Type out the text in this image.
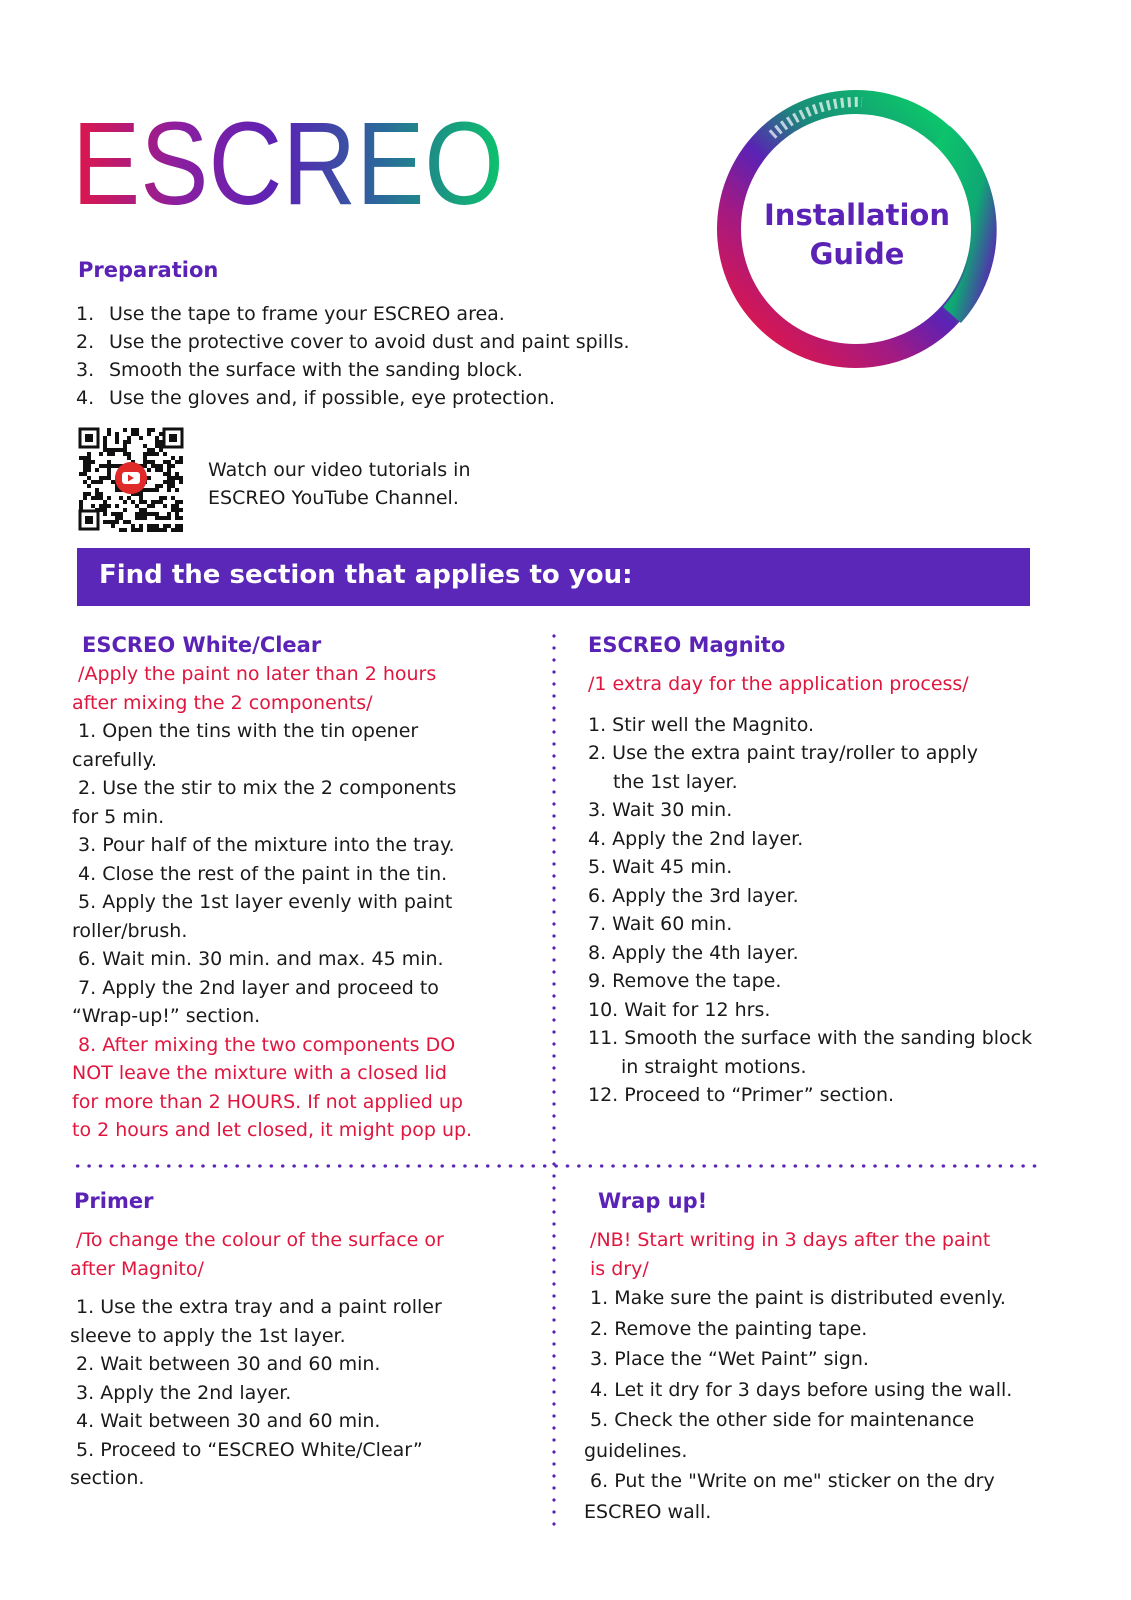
ESCREO	Installation
Guide
Preparation
1. Use the tape to frame your ESCREO area.
2. Use the protective cover to avoid dust and paint spills.
3. Smooth the surface with the sanding block.
4. Use the gloves and, if possible, eye protection.
Watch our video tutorials in
ESCREO YouTube Channel.
Find the section that applies to you:
ESCREO White/Clear
/Apply the paint no later than 2 hours
after mixing the 2 components/
1. Open the tins with the tin opener
carefully.
2. Use the stir to mix the 2 components
for 5 min.
3. Pour half of the mixture into the tray.
4. Close the rest of the paint in the tin.
5. Apply the 1st layer evenly with paint
roller/brush.
6. Wait min. 30 min. and max. 45 min.
7. Apply the 2nd layer and proceed to
“Wrap-up!” section.
8. After mixing the two components DO
NOT leave the mixture with a closed lid
for more than 2 HOURS. If not applied up
to 2 hours and let closed, it might pop up.
ESCREO Magnito
/1 extra day for the application process/
1. Stir well the Magnito.
2. Use the extra paint tray/roller to apply
the 1st layer.
3. Wait 30 min.
4. Apply the 2nd layer.
5. Wait 45 min.
6. Apply the 3rd layer.
7. Wait 60 min.
8. Apply the 4th layer.
9. Remove the tape.
10. Wait for 12 hrs.
11. Smooth the surface with the sanding block
in straight motions.
12. Proceed to “Primer” section.
Primer
/To change the colour of the surface or
after Magnito/
1. Use the extra tray and a paint roller
sleeve to apply the 1st layer.
2. Wait between 30 and 60 min.
3. Apply the 2nd layer.
4. Wait between 30 and 60 min.
5. Proceed to “ESCREO White/Clear”
section.
Wrap up!
/NB! Start writing in 3 days after the paint
is dry/
1. Make sure the paint is distributed evenly.
2. Remove the painting tape.
3. Place the “Wet Paint” sign.
4. Let it dry for 3 days before using the wall.
5. Check the other side for maintenance
guidelines.
6. Put the "Write on me" sticker on the dry
ESCREO wall.
